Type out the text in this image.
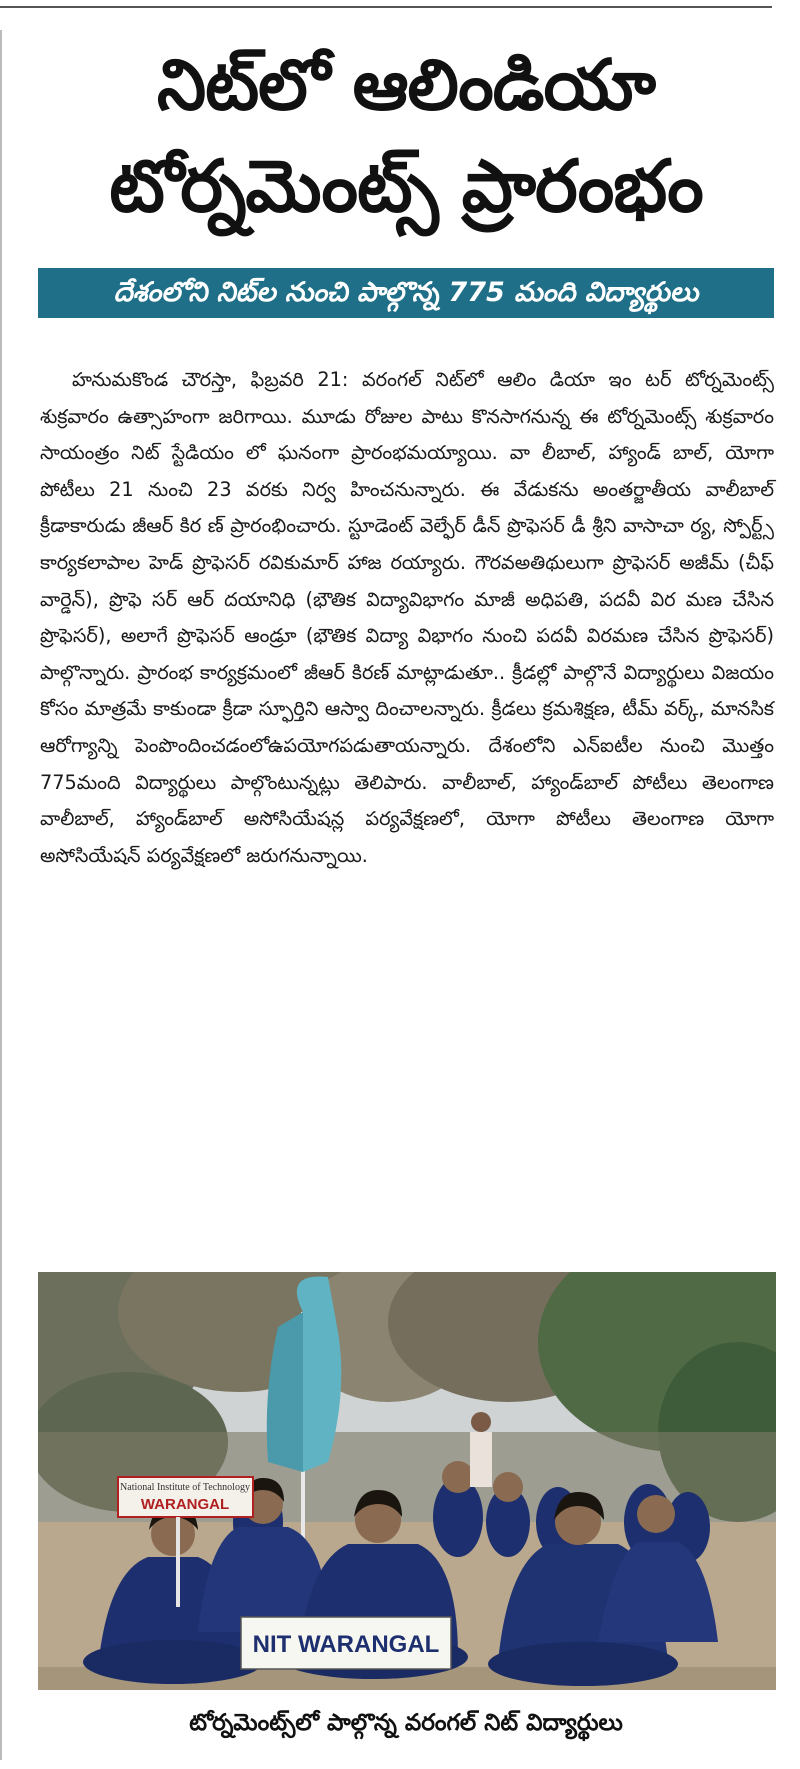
నిట్‌లో ఆలిండియా
టోర్నమెంట్స్ ప్రారంభం
దేశంలోని నిట్‌ల నుంచి పాల్గొన్న 775 మంది విద్యార్థులు
హనుమకొండ చౌరస్తా, ఫిబ్రవరి 21: వరంగల్ నిట్‌లో ఆలిం డియా ఇం టర్ టోర్నమెంట్స్ శుక్రవారం ఉత్సాహంగా జరిగాయి. మూడు రోజుల పాటు కొనసాగనున్న ఈ టోర్నమెంట్స్ శుక్రవారం సాయంత్రం నిట్ స్టేడియం లో ఘనంగా ప్రారంభమయ్యాయి. వా లీబాల్, హ్యాండ్ బాల్, యోగా పోటీలు 21 నుంచి 23 వరకు నిర్వ హించనున్నారు. ఈ వేడుకను అంతర్జాతీయ వాలీబాల్ క్రీడాకారుడు జీఆర్ కిర ణ్ ప్రారంభించారు. స్టూడెంట్ వెల్ఫేర్ డీన్ ప్రొఫెసర్ డీ శ్రీని వాసాచా ర్య, స్పోర్ట్స్ కార్యకలాపాల హెడ్ ప్రొఫెసర్ రవికుమార్ హాజ రయ్యారు. గౌరవఅతిథులుగా ప్రొఫెసర్ అజీమ్ (చీఫ్ వార్డెన్), ప్రొఫె సర్ ఆర్ దయానిధి (భౌతిక విద్యావిభాగం మాజీ అధిపతి, పదవీ విర మణ చేసిన ప్రొఫెసర్), అలాగే ప్రొఫెసర్ ఆండ్రూ (భౌతిక విద్యా విభాగం నుంచి పదవీ విరమణ చేసిన ప్రొఫెసర్) పాల్గొన్నారు. ప్రారంభ కార్యక్రమంలో జీఆర్ కిరణ్ మాట్లాడుతూ.. క్రీడల్లో పాల్గొనే విద్యార్థులు విజయం కోసం మాత్రమే కాకుండా క్రీడా స్ఫూర్తిని ఆస్వా దించాలన్నారు. క్రీడలు క్రమశిక్షణ, టీమ్ వర్క్, మానసిక ఆరోగ్యాన్ని పెంపొందించడంలోఉపయోగపడుతాయన్నారు. దేశంలోని ఎన్ఐటీల నుంచి మొత్తం 775మంది విద్యార్థులు పాల్గొంటున్నట్లు తెలిపారు. వాలీబాల్, హ్యాండ్‌బాల్ పోటీలు తెలంగాణ వాలీబాల్, హ్యాండ్‌బాల్ అసోసియేషన్ల పర్యవేక్షణలో, యోగా పోటీలు తెలంగాణ యోగా అసోసియేషన్ పర్యవేక్షణలో జరుగనున్నాయి.
National Institute of Technology
WARANGAL
NIT WARANGAL
టోర్నమెంట్స్‌లో పాల్గొన్న వరంగల్ నిట్ విద్యార్థులు
